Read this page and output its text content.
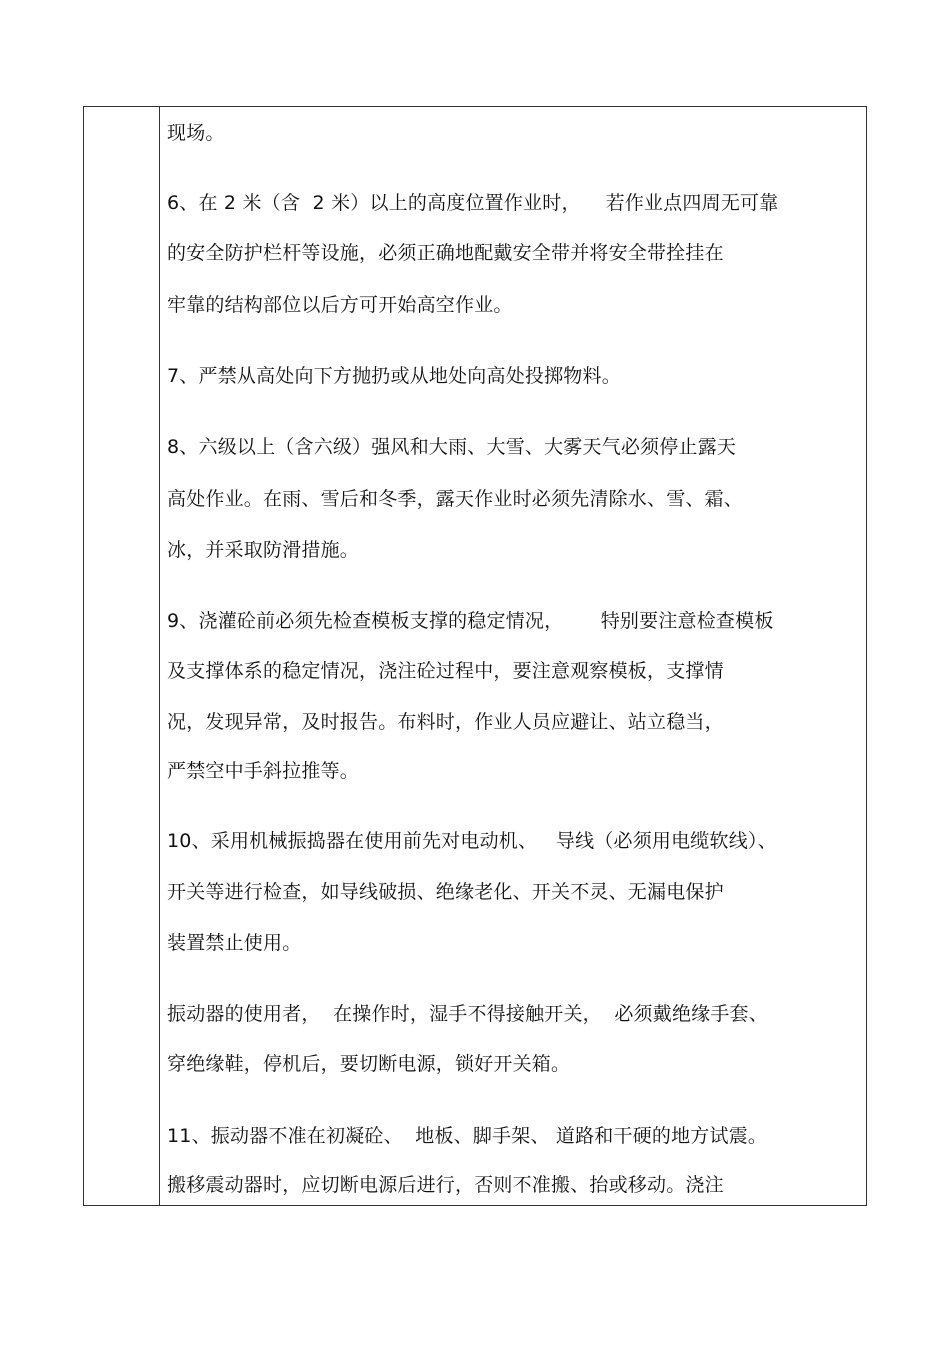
现场。
6、在 2 米（含  2 米）以上的高度位置作业时，    若作业点四周无可靠
的安全防护栏杆等设施，必须正确地配戴安全带并将安全带拴挂在
牢靠的结构部位以后方可开始高空作业。
7、严禁从高处向下方抛扔或从地处向高处投掷物料。
8、六级以上（含六级）强风和大雨、大雪、大雾天气必须停止露天
高处作业。在雨、雪后和冬季，露天作业时必须先清除水、雪、霜、
冰，并采取防滑措施。
9、浇灌砼前必须先检查模板支撑的稳定情况，      特别要注意检查模板
及支撑体系的稳定情况，浇注砼过程中，要注意观察模板，支撑情
况，发现异常，及时报告。布料时，作业人员应避让、站立稳当，
严禁空中手斜拉推等。
10、采用机械振捣器在使用前先对电动机、   导线（必须用电缆软线）、
开关等进行检查，如导线破损、绝缘老化、开关不灵、无漏电保护
装置禁止使用。
振动器的使用者，  在操作时，湿手不得接触开关，  必须戴绝缘手套、
穿绝缘鞋，停机后，要切断电源，锁好开关箱。
11、振动器不准在初凝砼、  地板、脚手架、 道路和干硬的地方试震。
搬移震动器时，应切断电源后进行，否则不准搬、抬或移动。浇注
